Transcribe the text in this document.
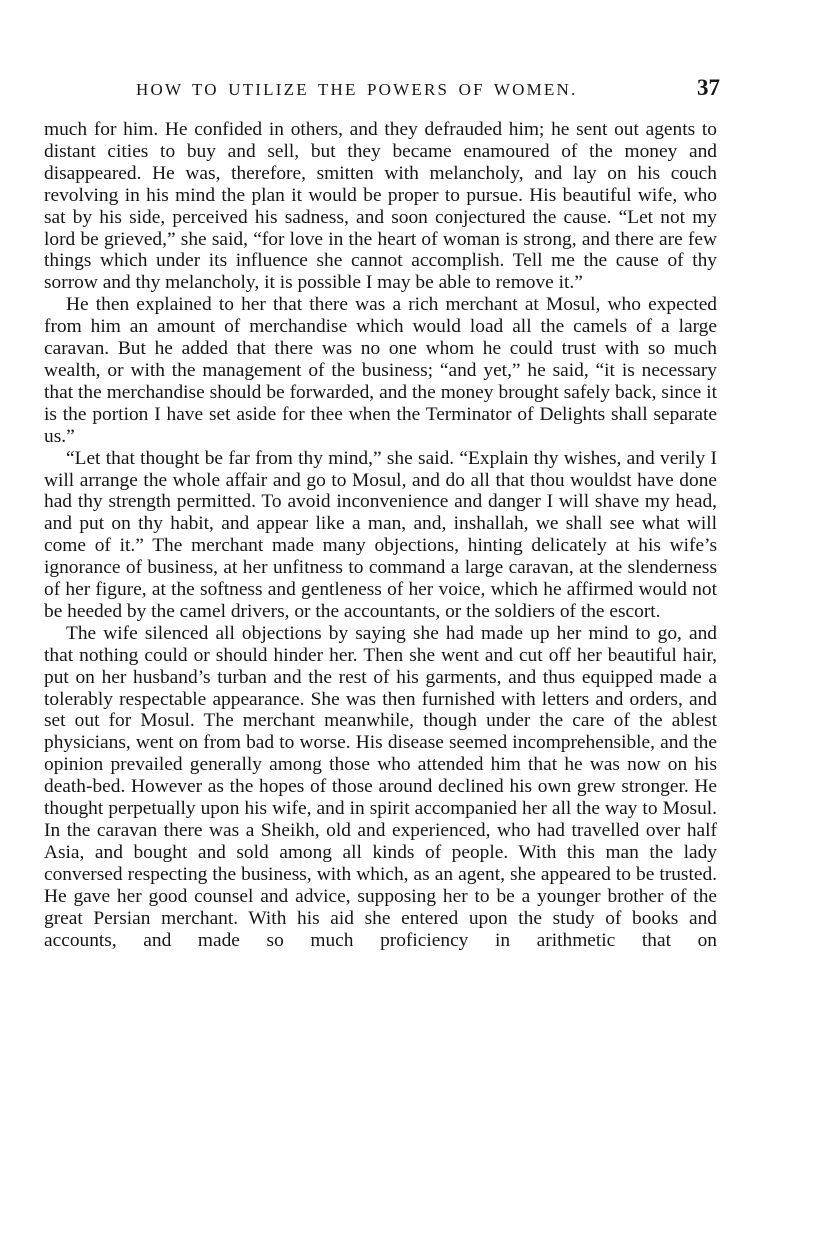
HOW TO UTILIZE THE POWERS OF WOMEN.	37

much for him. He confided in others, and they defrauded him; he sent out agents to distant cities to buy and sell, but they became enamoured of the money and disappeared. He was, therefore, smitten with melancholy, and lay on his couch revolving in his mind the plan it would be proper to pursue. His beautiful wife, who sat by his side, perceived his sadness, and soon conjectured the cause. “Let not my lord be grieved,” she said, “for love in the heart of woman is strong, and there are few things which under its influence she cannot accomplish. Tell me the cause of thy sorrow and thy melancholy, it is possible I may be able to remove it.”

He then explained to her that there was a rich merchant at Mosul, who expected from him an amount of merchandise which would load all the camels of a large caravan. But he added that there was no one whom he could trust with so much wealth, or with the management of the business; “and yet,” he said, “it is necessary that the merchandise should be forwarded, and the money brought safely back, since it is the portion I have set aside for thee when the Terminator of Delights shall separate us.”

“Let that thought be far from thy mind,” she said. “Explain thy wishes, and verily I will arrange the whole affair and go to Mosul, and do all that thou wouldst have done had thy strength permitted. To avoid inconvenience and danger I will shave my head, and put on thy habit, and appear like a man, and, inshallah, we shall see what will come of it.” The merchant made many objections, hinting delicately at his wife’s ignorance of business, at her unfitness to command a large caravan, at the slenderness of her figure, at the softness and gentleness of her voice, which he affirmed would not be heeded by the camel drivers, or the accountants, or the soldiers of the escort.

The wife silenced all objections by saying she had made up her mind to go, and that nothing could or should hinder her. Then she went and cut off her beautiful hair, put on her husband’s turban and the rest of his garments, and thus equipped made a tolerably respectable appearance. She was then furnished with letters and orders, and set out for Mosul. The merchant meanwhile, though under the care of the ablest physicians, went on from bad to worse. His disease seemed incomprehensible, and the opinion prevailed generally among those who attended him that he was now on his death-bed. However as the hopes of those around declined his own grew stronger. He thought perpetually upon his wife, and in spirit accompanied her all the way to Mosul. In the caravan there was a Sheikh, old and experienced, who had travelled over half Asia, and bought and sold among all kinds of people. With this man the lady conversed respecting the business, with which, as an agent, she appeared to be trusted. He gave her good counsel and advice, supposing her to be a younger brother of the great Persian merchant. With his aid she entered upon the study of books and accounts, and made so much proficiency in arithmetic that on
